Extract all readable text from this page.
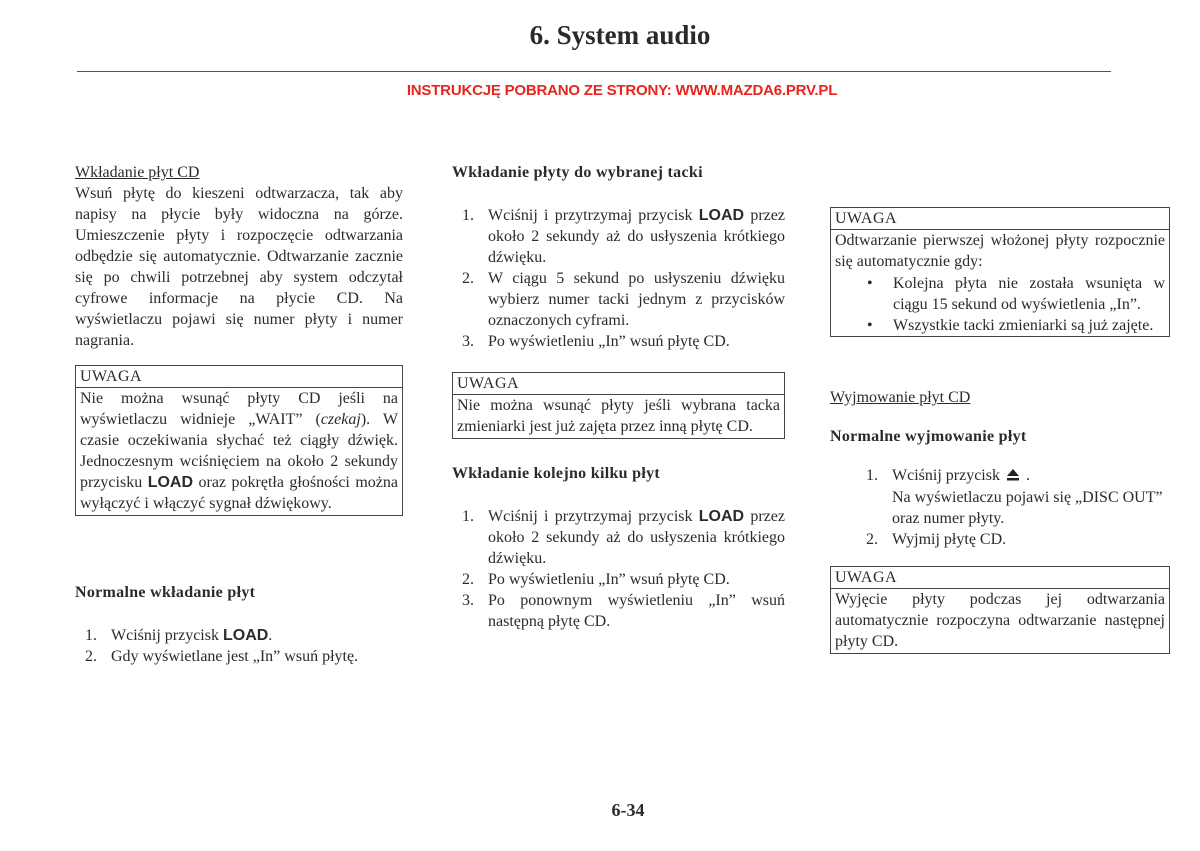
6. System audio
INSTRUKCJĘ POBRANO ZE STRONY: WWW.MAZDA6.PRV.PL
Wkładanie płyt CD
Wsuń płytę do kieszeni odtwarzacza, tak aby napisy na płycie były widoczna na górze. Umieszczenie płyty i rozpoczęcie odtwarzania odbędzie się automatycznie. Odtwarzanie zacznie się po chwili potrzebnej aby system odczytał cyfrowe informacje na płycie CD. Na wyświetlaczu pojawi się numer płyty i numer nagrania.
UWAGA
Nie można wsunąć płyty CD jeśli na wyświetlaczu widnieje „WAIT” (czekaj). W czasie oczekiwania słychać też ciągły dźwięk. Jednoczesnym wciśnięciem na około 2 sekundy przycisku LOAD oraz pokrętła głośności można wyłączyć i włączyć sygnał dźwiękowy.
Normalne wkładanie płyt
1. Wciśnij przycisk LOAD.
2. Gdy wyświetlane jest „In” wsuń płytę.
Wkładanie płyty do wybranej tacki
1. Wciśnij i przytrzymaj przycisk LOAD przez około 2 sekundy aż do usłyszenia krótkiego dźwięku.
2. W ciągu 5 sekund po usłyszeniu dźwięku wybierz numer tacki jednym z przycisków oznaczonych cyframi.
3. Po wyświetleniu „In” wsuń płytę CD.
UWAGA
Nie można wsunąć płyty jeśli wybrana tacka zmieniarki jest już zajęta przez inną płytę CD.
Wkładanie kolejno kilku płyt
1. Wciśnij i przytrzymaj przycisk LOAD przez około 2 sekundy aż do usłyszenia krótkiego dźwięku.
2. Po wyświetleniu „In” wsuń płytę CD.
3. Po ponownym wyświetleniu „In” wsuń następną płytę CD.
UWAGA
Odtwarzanie pierwszej włożonej płyty rozpocznie się automatycznie gdy:
•	Kolejna płyta nie została wsunięta w ciągu 15 sekund od wyświetlenia „In”.
•	Wszystkie tacki zmieniarki są już zajęte.
Wyjmowanie płyt CD
Normalne wyjmowanie płyt
1. Wciśnij przycisk .
Na wyświetlaczu pojawi się „DISC OUT” oraz numer płyty.
2. Wyjmij płytę CD.
UWAGA
Wyjęcie płyty podczas jej odtwarzania automatycznie rozpoczyna odtwarzanie następnej płyty CD.
6-34
